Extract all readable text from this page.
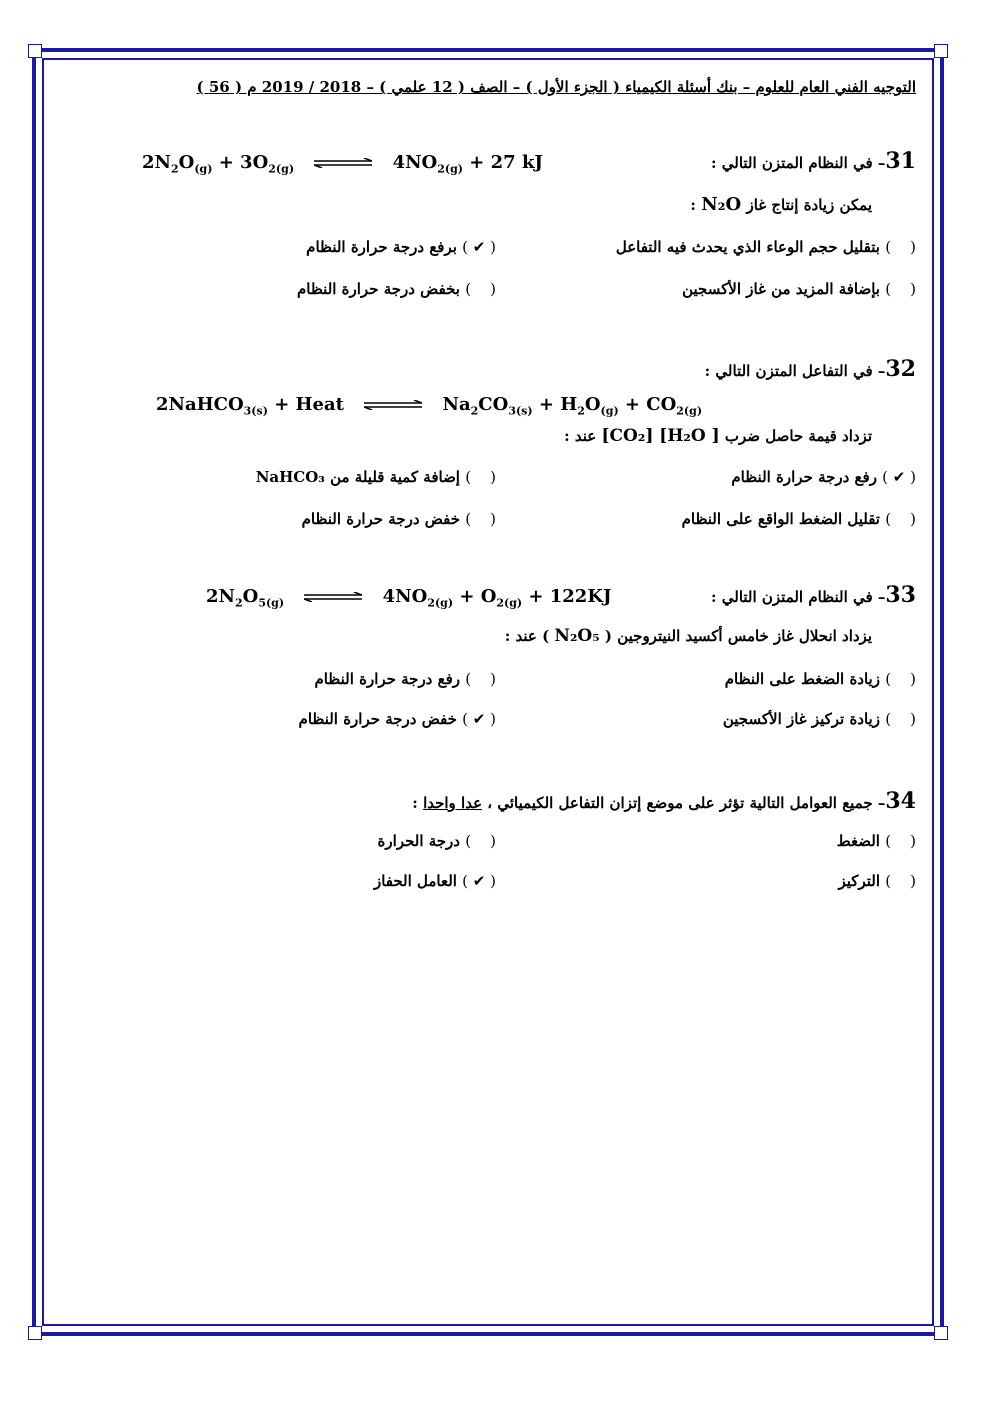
التوجيه الفني العام للعلوم – بنك أسئلة الكيمياء ( الجزء الأول ) – الصف ( 12 علمي ) – 2018 / 2019 م ( 56 )
31– في النظام المتزن التالي :
$2N_2O_{(g)} + 3O_{2(g)}$ ⇌ $4NO_{2(g)} + 27$ kJ
يمكن زيادة إنتاج غاز N₂O :
(    ) بتقليل حجم الوعاء الذي يحدث فيه التفاعل
( ✔ ) برفع درجة حرارة النظام
(    ) بإضافة المزيد من غاز الأكسجين
(    ) بخفض درجة حرارة النظام
32– في التفاعل المتزن التالي :
2NaHCO$_{3(s)}$ + Heat ⇌ $Na_2CO_{3(s)} + H_2O_{(g)} + CO_{2(g)}$
تزداد قيمة حاصل ضرب [ H₂O] [CO₂] عند :
( ✔ ) رفع درجة حرارة النظام
(    ) إضافة كمية قليلة من NaHCO₃
(    ) تقليل الضغط الواقع على النظام
(    ) خفض درجة حرارة النظام
33– في النظام المتزن التالي :
$2N_2O_{5(g)}$ ⇌ $4NO_{2(g)} + O_{2(g)} + 122KJ$
يزداد انحلال غاز خامس أكسيد النيتروجين ( N₂O₅ ) عند :
(    ) زيادة الضغط على النظام
(    ) رفع درجة حرارة النظام
(    ) زيادة تركيز غاز الأكسجين
( ✔ ) خفض درجة حرارة النظام
34– جميع العوامل التالية تؤثر على موضع إتزان التفاعل الكيميائي ، عدا واحدا :
(    ) الضغط
(    ) درجة الحرارة
(    ) التركيز
( ✔ ) العامل الحفاز
